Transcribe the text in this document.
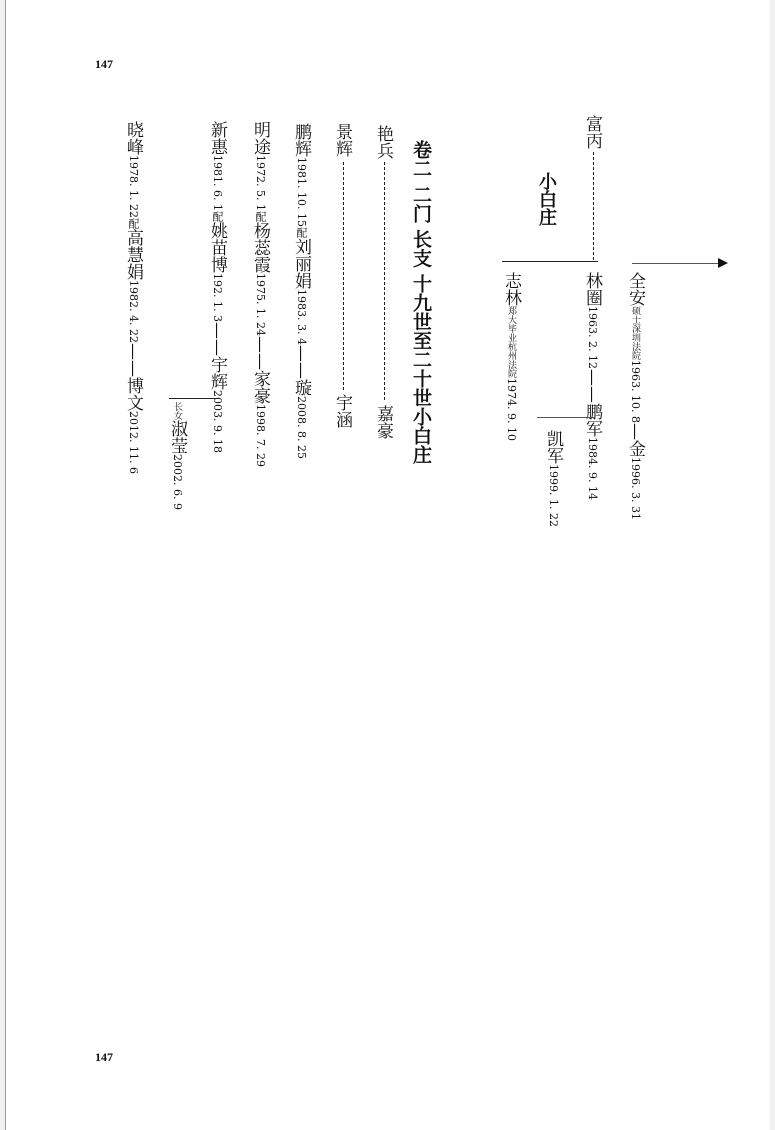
147
147
卷二 二门 长支 十九世至二十世小白庄	小白庄
富丙
全安硕士深圳法院1963. 10. 8—金1996. 3. 31
林圈1963. 2. 12——鹏军1984. 9. 14
凯军1999. 1. 22
志林郑大毕业杭州法院1974. 9. 10
艳兵
嘉豪
景辉
宇涵
鹏辉1981. 10. 15配刘丽娟1983. 3. 4——璇2008. 8. 25
明途1972. 5. 1配杨蕊霞1975. 1. 24——家豪1998. 7. 29
新惠1981. 6. 1配姚苗博192. 1. 3——宇辉2003. 9. 18
长女淑莹2002. 6. 9
晓峰1978. 1. 22配高慧娟1982. 4. 22——博文2012. 11. 6
